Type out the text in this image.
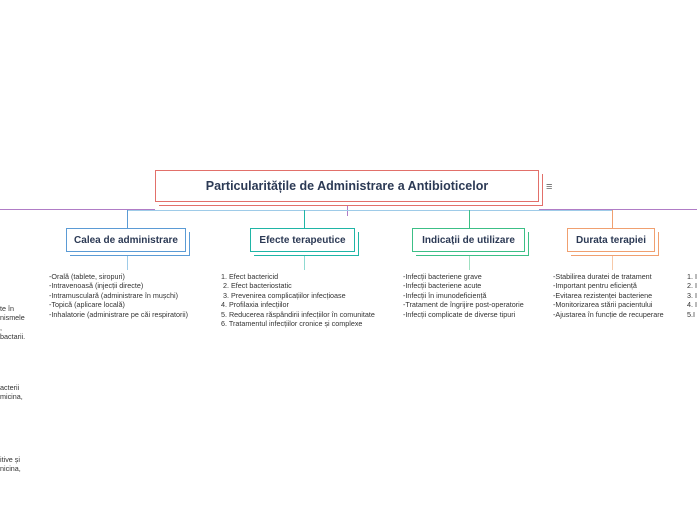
Particularitățile de Administrare a Antibioticelor	≡
Calea de administrare	Efecte terapeutice	Indicații de utilizare	Durata terapiei
-Orală (tablete, siropuri)
-Intravenoasă (injecții directe)
-Intramusculară (administrare în mușchi)
-Topică (aplicare locală)
-Inhalatorie (administrare pe căi respiratorii)
1. Efect bactericid
2. Efect bacteriostatic
3. Prevenirea complicațiilor infecțioase
4. Profilaxia infecțiilor
5. Reducerea răspândirii infecțiilor în comunitate
6. Tratamentul infecțiilor cronice și complexe
-Infecții bacteriene grave
-Infecții bacteriene acute
-Infecții în imunodeficiență
-Tratament de îngrijire post-operatorie
-Infecții complicate de diverse tipuri
-Stabilirea duratei de tratament
-Important pentru eficiență
-Evitarea rezistenței bacteriene
-Monitorizarea stării pacientului
-Ajustarea în funcție de recuperare
1. I
2. I
3. I
4. I
5.I
te în
nismele
,
bactarii.
acterii
micina,
itive și
nicina,
